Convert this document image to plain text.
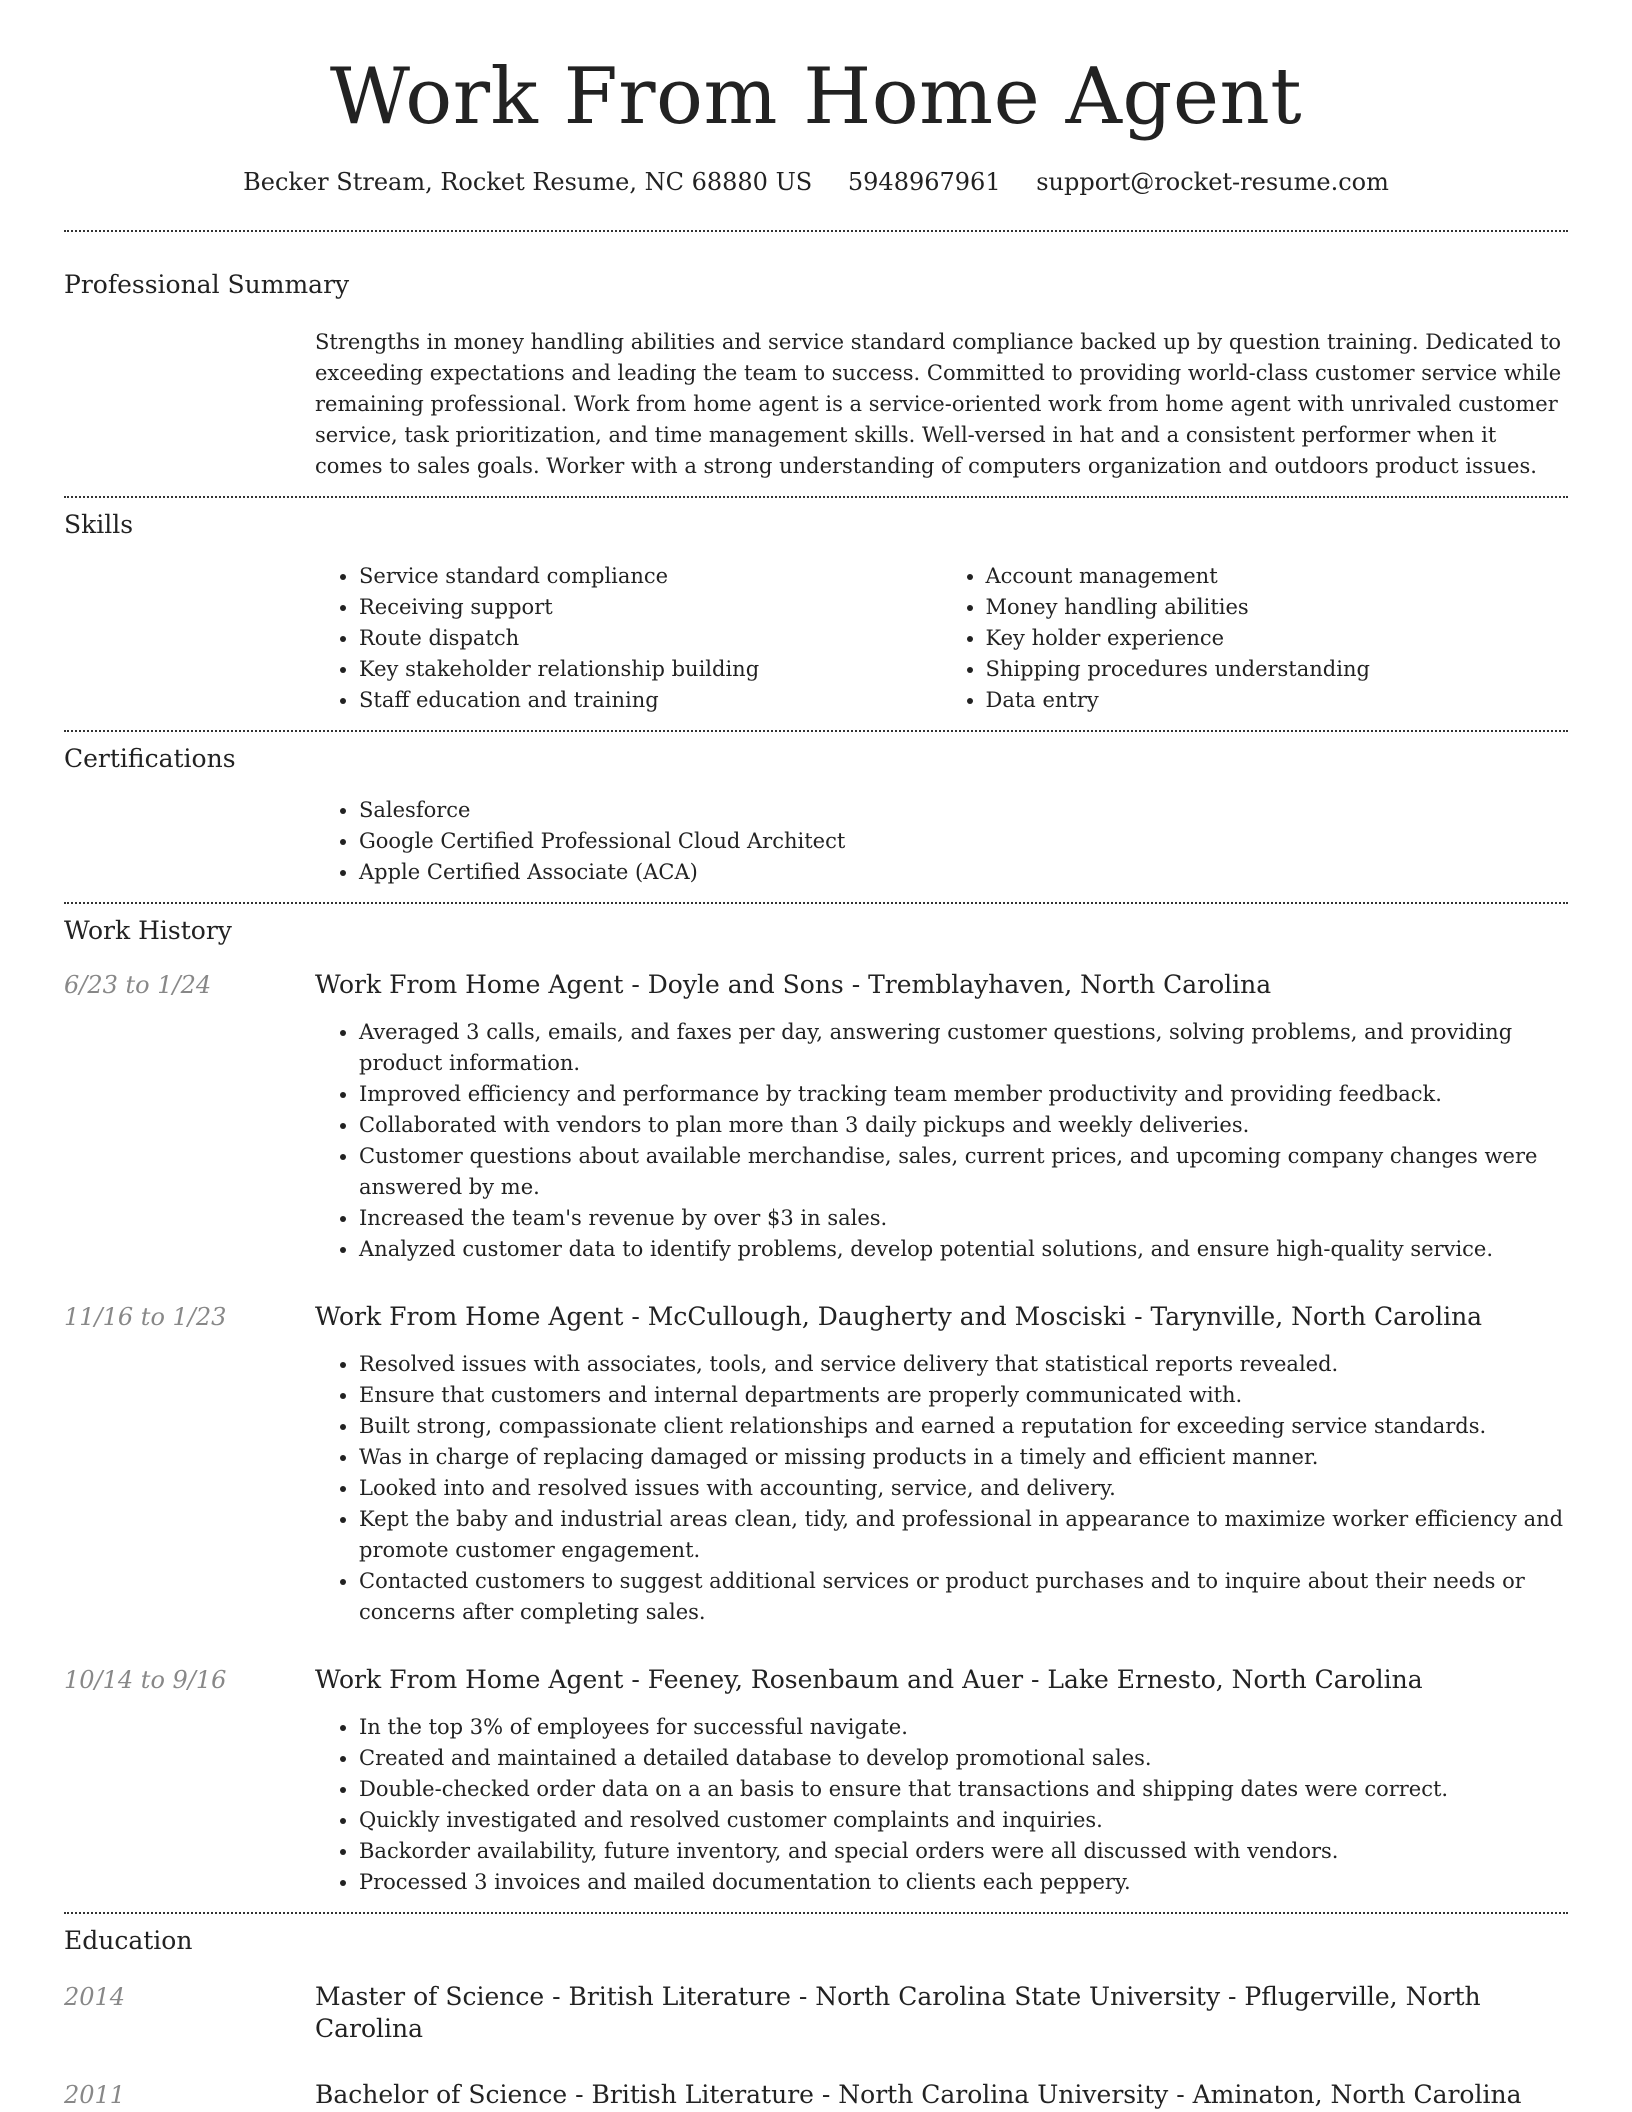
Work From Home Agent
Becker Stream, Rocket Resume, NC 68880 US 5948967961 support@rocket-resume.com
Professional Summary
Strengths in money handling abilities and service standard compliance backed up by question training. Dedicated to exceeding expectations and leading the team to success. Committed to providing world-class customer service while remaining professional. Work from home agent is a service-oriented work from home agent with unrivaled customer service, task prioritization, and time management skills. Well-versed in hat and a consistent performer when it comes to sales goals. Worker with a strong understanding of computers organization and outdoors product issues.
Skills
• Service standard compliance
• Receiving support
• Route dispatch
• Key stakeholder relationship building
• Staff education and training
• Account management
• Money handling abilities
• Key holder experience
• Shipping procedures understanding
• Data entry
Certifications
• Salesforce
• Google Certified Professional Cloud Architect
• Apple Certified Associate (ACA)
Work History
6/23 to 1/24	Work From Home Agent - Doyle and Sons - Tremblayhaven, North Carolina
• Averaged 3 calls, emails, and faxes per day, answering customer questions, solving problems, and providing product information.
• Improved efficiency and performance by tracking team member productivity and providing feedback.
• Collaborated with vendors to plan more than 3 daily pickups and weekly deliveries.
• Customer questions about available merchandise, sales, current prices, and upcoming company changes were answered by me.
• Increased the team's revenue by over $3 in sales.
• Analyzed customer data to identify problems, develop potential solutions, and ensure high-quality service.
11/16 to 1/23	Work From Home Agent - McCullough, Daugherty and Mosciski - Tarynville, North Carolina
• Resolved issues with associates, tools, and service delivery that statistical reports revealed.
• Ensure that customers and internal departments are properly communicated with.
• Built strong, compassionate client relationships and earned a reputation for exceeding service standards.
• Was in charge of replacing damaged or missing products in a timely and efficient manner.
• Looked into and resolved issues with accounting, service, and delivery.
• Kept the baby and industrial areas clean, tidy, and professional in appearance to maximize worker efficiency and promote customer engagement.
• Contacted customers to suggest additional services or product purchases and to inquire about their needs or concerns after completing sales.
10/14 to 9/16	Work From Home Agent - Feeney, Rosenbaum and Auer - Lake Ernesto, North Carolina
• In the top 3% of employees for successful navigate.
• Created and maintained a detailed database to develop promotional sales.
• Double-checked order data on a an basis to ensure that transactions and shipping dates were correct.
• Quickly investigated and resolved customer complaints and inquiries.
• Backorder availability, future inventory, and special orders were all discussed with vendors.
• Processed 3 invoices and mailed documentation to clients each peppery.
Education
2014	Master of Science - British Literature - North Carolina State University - Pflugerville, North Carolina
2011	Bachelor of Science - British Literature - North Carolina University - Aminaton, North Carolina
